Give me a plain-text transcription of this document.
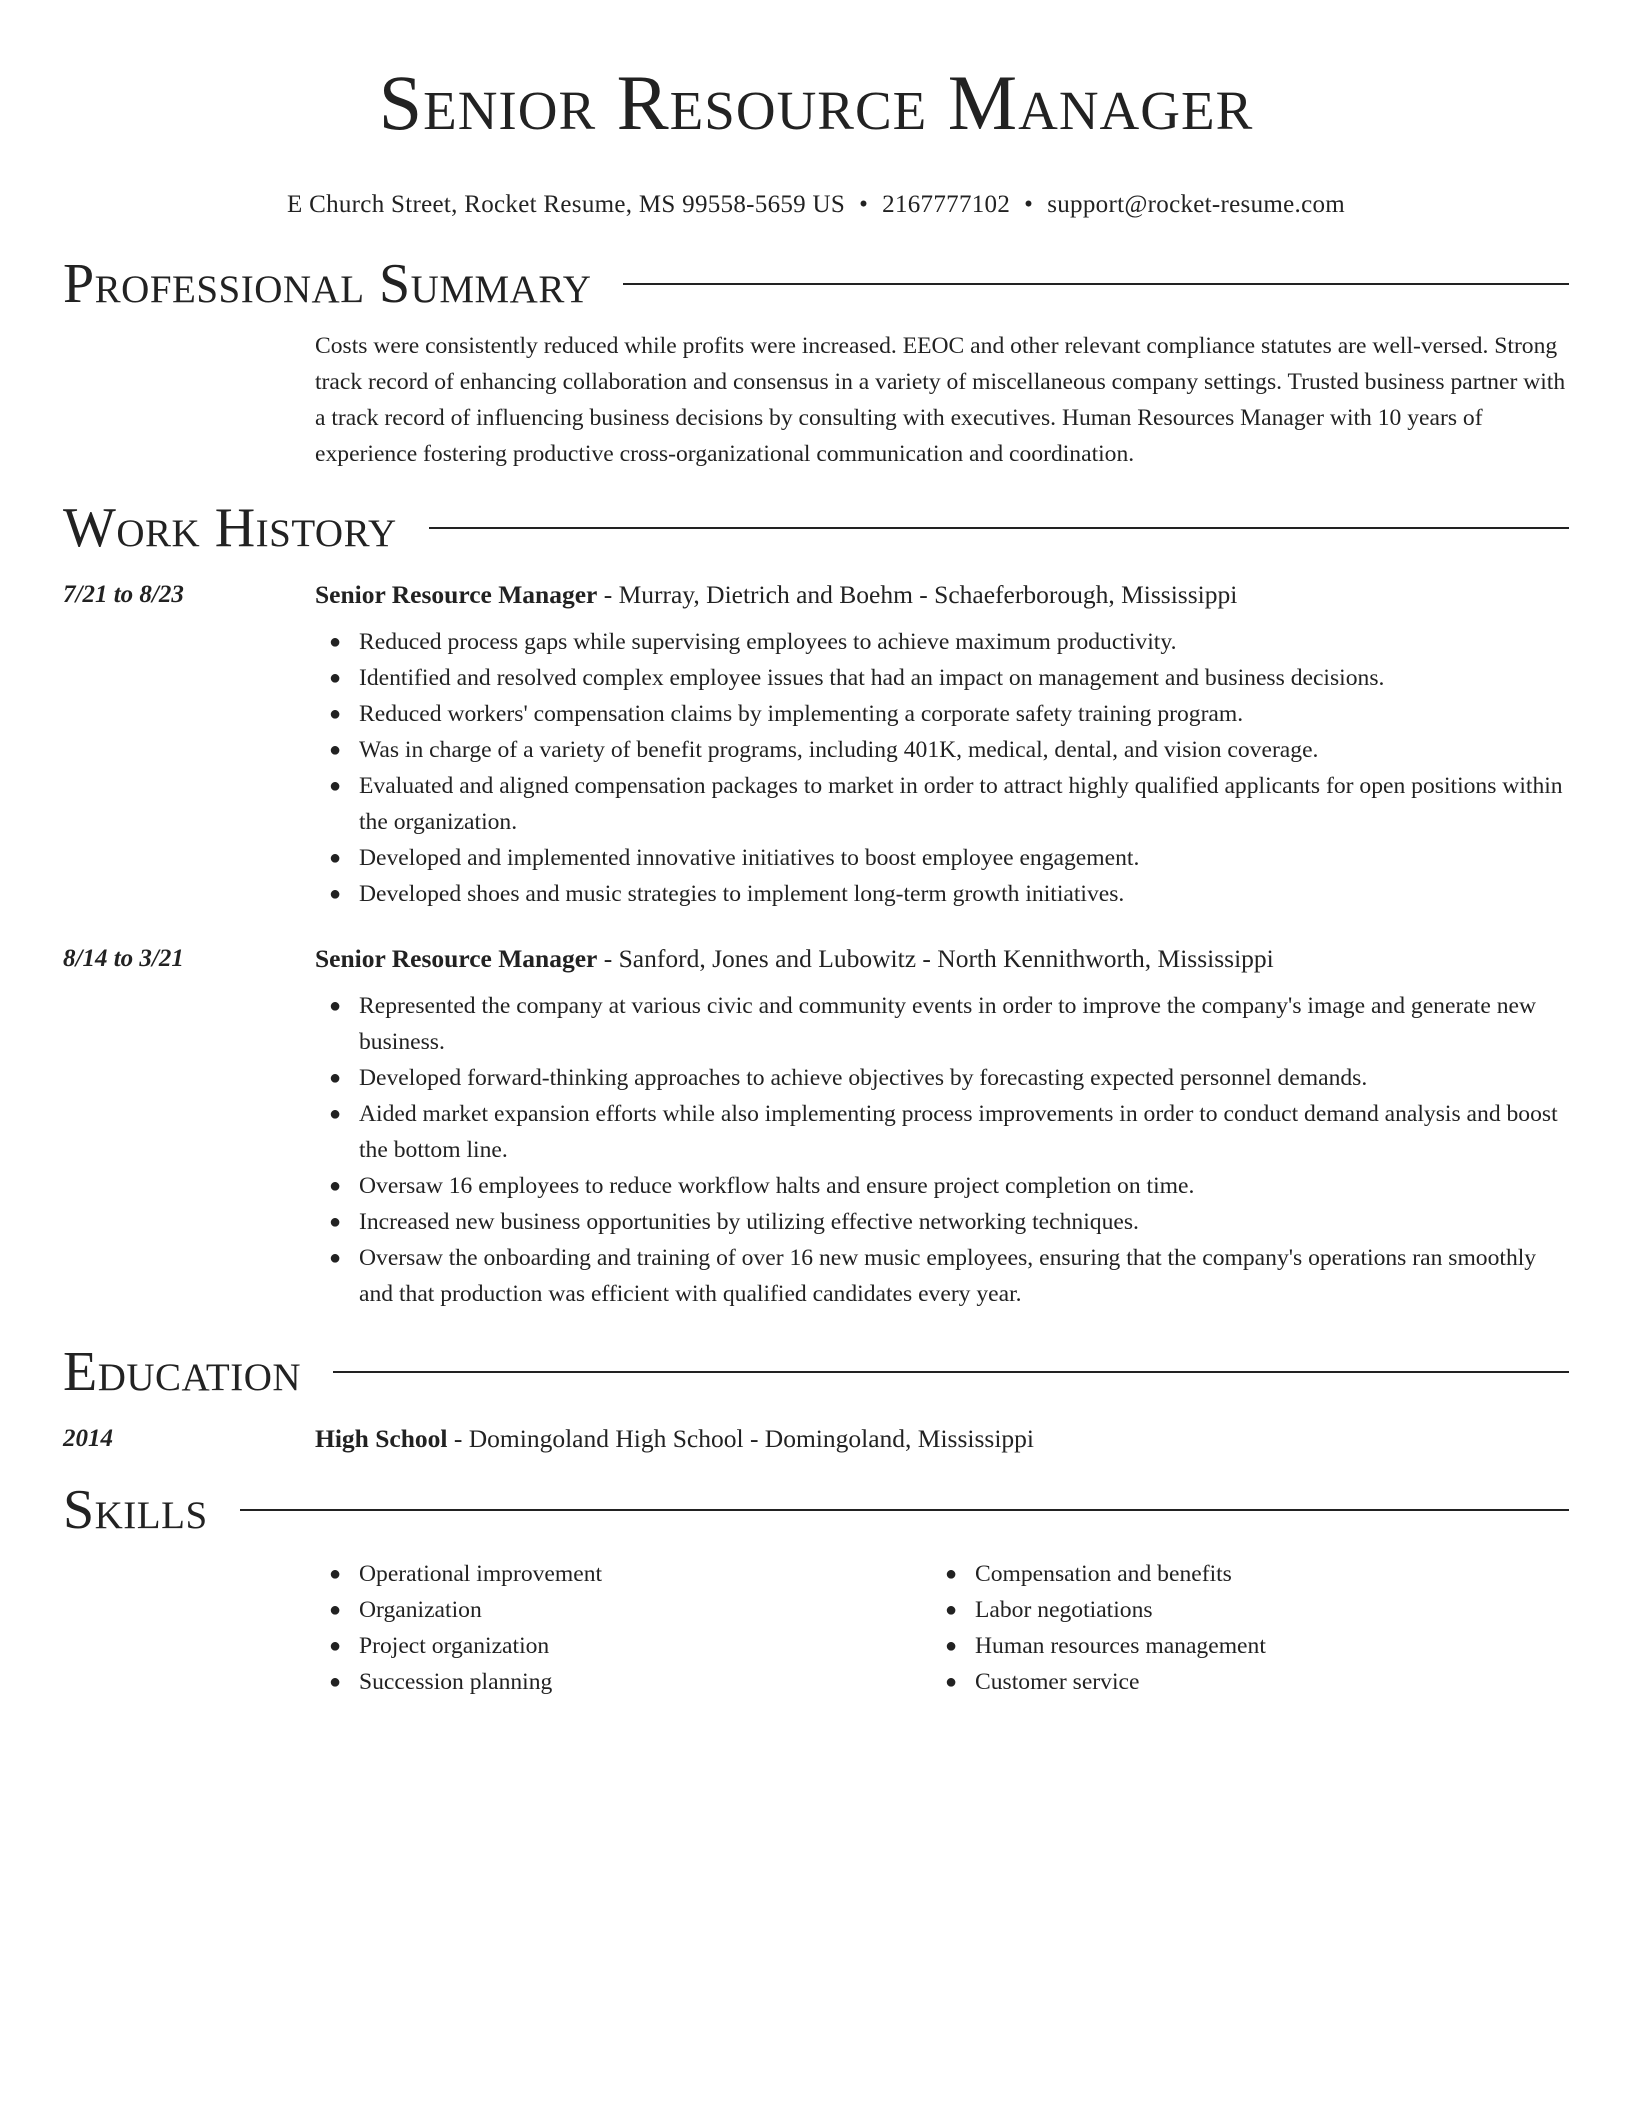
Senior Resource Manager
E Church Street, Rocket Resume, MS 99558-5659 US • 2167777102 • support@rocket-resume.com
Professional Summary
Costs were consistently reduced while profits were increased. EEOC and other relevant compliance statutes are well-versed. Strong track record of enhancing collaboration and consensus in a variety of miscellaneous company settings. Trusted business partner with a track record of influencing business decisions by consulting with executives. Human Resources Manager with 10 years of experience fostering productive cross-organizational communication and coordination.
Work History
7/21 to 8/23	Senior Resource Manager - Murray, Dietrich and Boehm - Schaeferborough, Mississippi
● Reduced process gaps while supervising employees to achieve maximum productivity.
● Identified and resolved complex employee issues that had an impact on management and business decisions.
● Reduced workers' compensation claims by implementing a corporate safety training program.
● Was in charge of a variety of benefit programs, including 401K, medical, dental, and vision coverage.
● Evaluated and aligned compensation packages to market in order to attract highly qualified applicants for open positions within the organization.
● Developed and implemented innovative initiatives to boost employee engagement.
● Developed shoes and music strategies to implement long-term growth initiatives.
8/14 to 3/21	Senior Resource Manager - Sanford, Jones and Lubowitz - North Kennithworth, Mississippi
● Represented the company at various civic and community events in order to improve the company's image and generate new business.
● Developed forward-thinking approaches to achieve objectives by forecasting expected personnel demands.
● Aided market expansion efforts while also implementing process improvements in order to conduct demand analysis and boost the bottom line.
● Oversaw 16 employees to reduce workflow halts and ensure project completion on time.
● Increased new business opportunities by utilizing effective networking techniques.
● Oversaw the onboarding and training of over 16 new music employees, ensuring that the company's operations ran smoothly and that production was efficient with qualified candidates every year.
Education
2014	High School - Domingoland High School - Domingoland, Mississippi
Skills
● Operational improvement
● Organization
● Project organization
● Succession planning
● Compensation and benefits
● Labor negotiations
● Human resources management
● Customer service
